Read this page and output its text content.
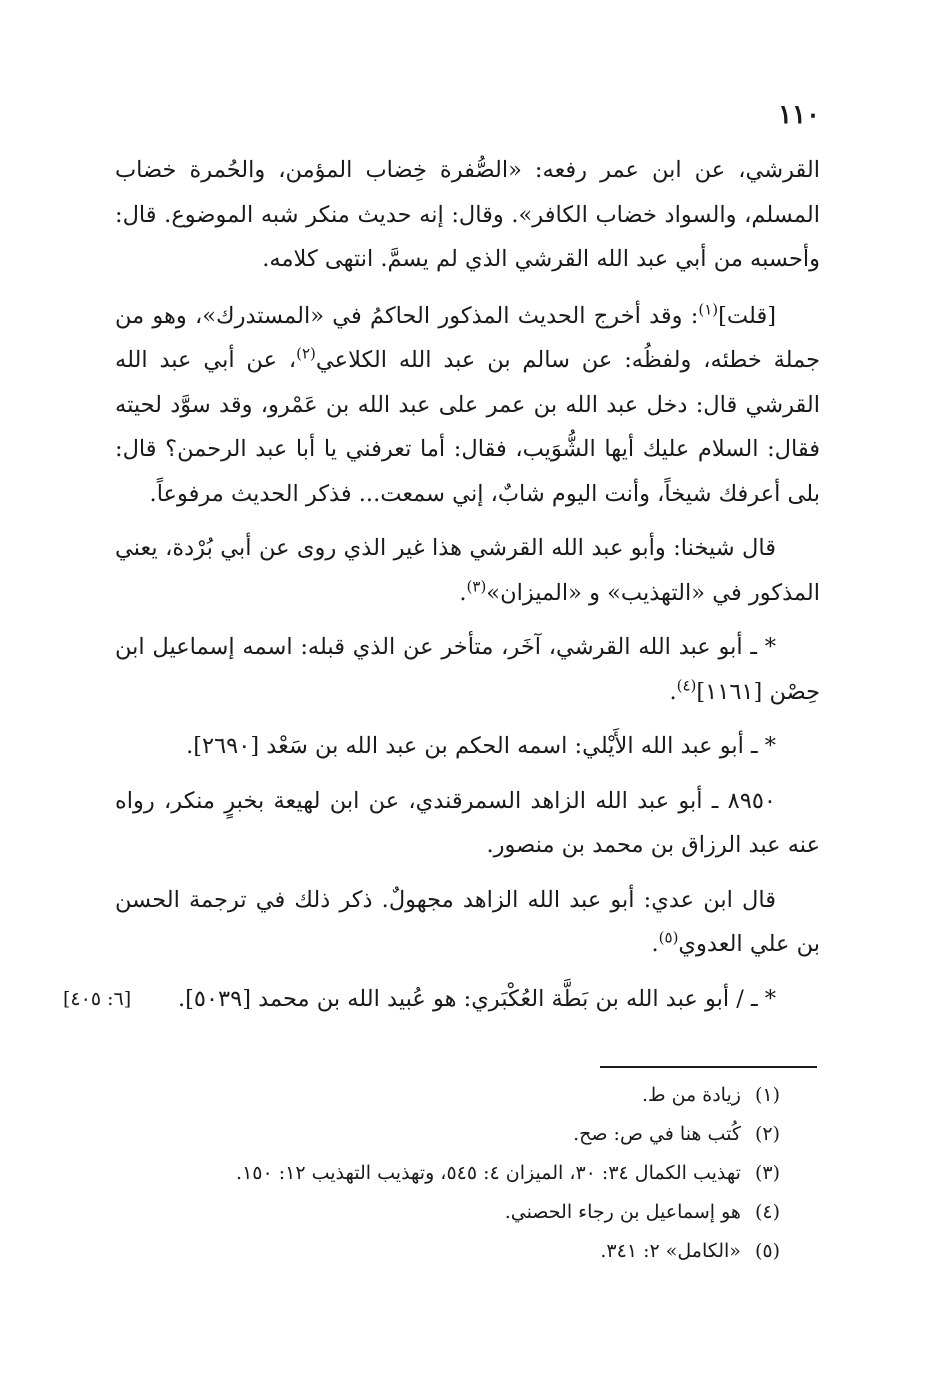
١١٠

القرشي، عن ابن عمر رفعه: «الصُّفرة خِضاب المؤمن، والحُمرة خضاب المسلم، والسواد خضاب الكافر». وقال: إنه حديث منكر شبه الموضوع. قال: وأحسبه من أبي عبد الله القرشي الذي لم يسمَّ. انتهى كلامه.

[قلت]$^{(١)}$: وقد أخرج الحديث المذكور الحاكمُ في «المستدرك»، وهو من جملة خطئه، ولفظُه: عن سالم بن عبد الله الكلاعي$^{(٢)}$، عن أبي عبد الله القرشي قال: دخل عبد الله بن عمر على عبد الله بن عَمْرو، وقد سوَّد لحيته فقال: السلام عليك أيها الشُّوَيب، فقال: أما تعرفني يا أبا عبد الرحمن؟ قال: بلى أعرفك شيخاً، وأنت اليوم شابٌ، إني سمعت... فذكر الحديث مرفوعاً.

قال شيخنا: وأبو عبد الله القرشي هذا غير الذي روى عن أبي بُرْدة، يعني المذكور في «التهذيب» و «الميزان»$^{(٣)}$.

* ـ أبو عبد الله القرشي، آخَر، متأخر عن الذي قبله: اسمه إسماعيل ابن حِصْن [١١٦١]$^{(٤)}$.

* ـ أبو عبد الله الأَيْلي: اسمه الحكم بن عبد الله بن سَعْد [٢٦٩٠].

٨٩٥٠ ـ أبو عبد الله الزاهد السمرقندي، عن ابن لهيعة بخبرٍ منكر، رواه عنه عبد الرزاق بن محمد بن منصور.

قال ابن عدي: أبو عبد الله الزاهد مجهولٌ. ذكر ذلك في ترجمة الحسن بن علي العدوي$^{(٥)}$.

* ـ / أبو عبد الله بن بَطَّة العُكْبَري: هو عُبيد الله بن محمد [٥٠٣٩].
[٦: ٤٠٥]

(١)زيادة من ط.

(٢)كُتب هنا في ص: صح.

(٣)تهذيب الكمال ٣٤: ٣٠، الميزان ٤: ٥٤٥، وتهذيب التهذيب ١٢: ١٥٠.

(٤)هو إسماعيل بن رجاء الحصني.

(٥)«الكامل» ٢: ٣٤١.
